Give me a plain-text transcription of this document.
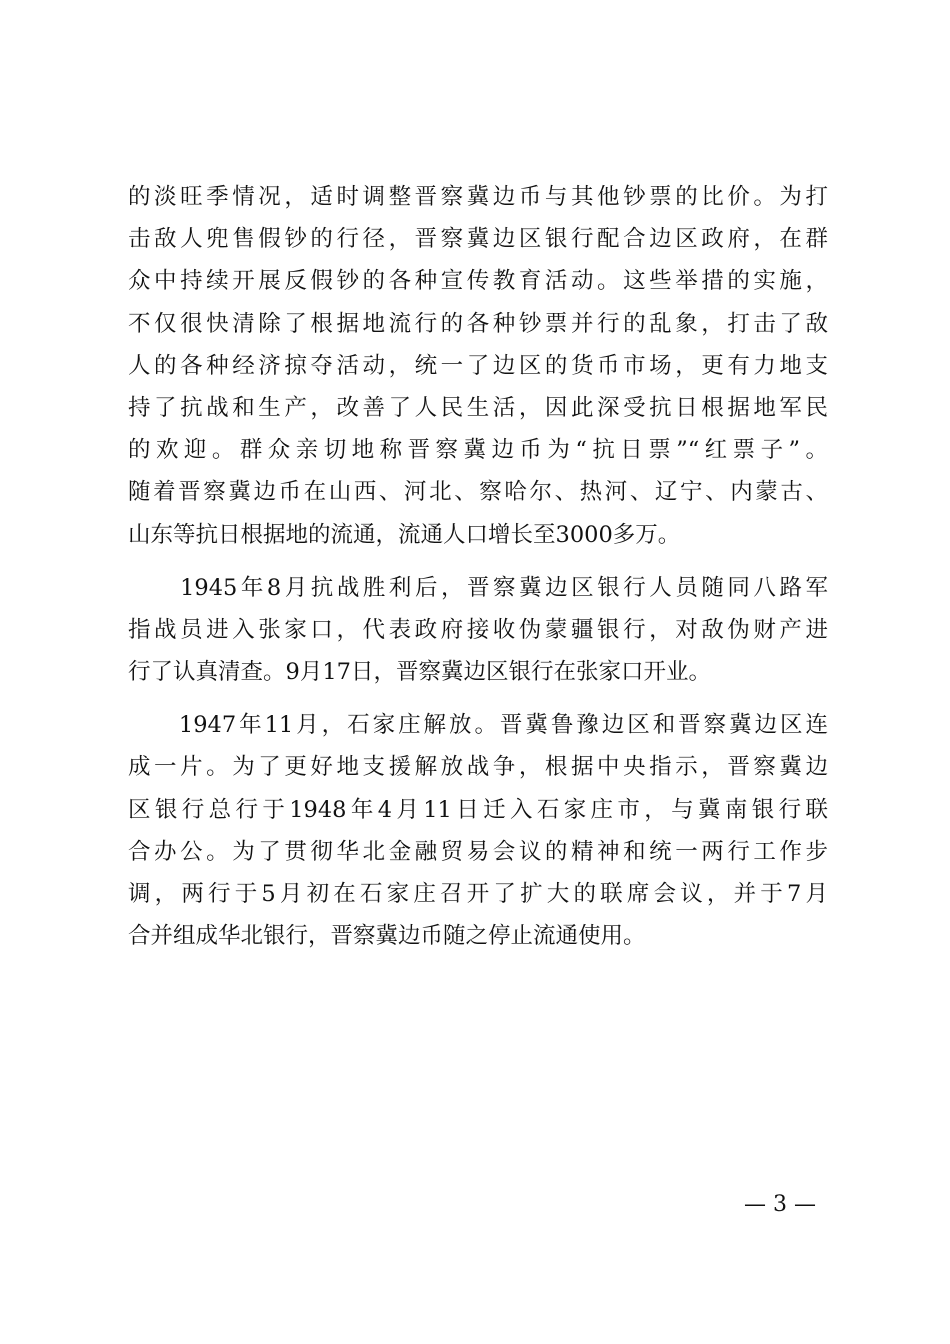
的淡旺季情况，适时调整晋察冀边币与其他钞票的比价。为打
击敌人兜售假钞的行径，晋察冀边区银行配合边区政府，在群
众中持续开展反假钞的各种宣传教育活动。这些举措的实施，
不仅很快清除了根据地流行的各种钞票并行的乱象，打击了敌
人的各种经济掠夺活动，统一了边区的货币市场，更有力地支
持了抗战和生产，改善了人民生活，因此深受抗日根据地军民
的欢迎。群众亲切地称晋察冀边币为“抗日票”“红票子”。
随着晋察冀边币在山西、河北、察哈尔、热河、辽宁、内蒙古、
山东等抗日根据地的流通，流通人口增长至3000多万。
　　1945年8月抗战胜利后，晋察冀边区银行人员随同八路军
指战员进入张家口，代表政府接收伪蒙疆银行，对敌伪财产进
行了认真清查。9月17日，晋察冀边区银行在张家口开业。
　　1947年11月，石家庄解放。晋冀鲁豫边区和晋察冀边区连
成一片。为了更好地支援解放战争，根据中央指示，晋察冀边
区银行总行于1948年4月11日迁入石家庄市，与冀南银行联
合办公。为了贯彻华北金融贸易会议的精神和统一两行工作步
调，两行于5月初在石家庄召开了扩大的联席会议，并于7月
合并组成华北银行，晋察冀边币随之停止流通使用。
— 3 —
